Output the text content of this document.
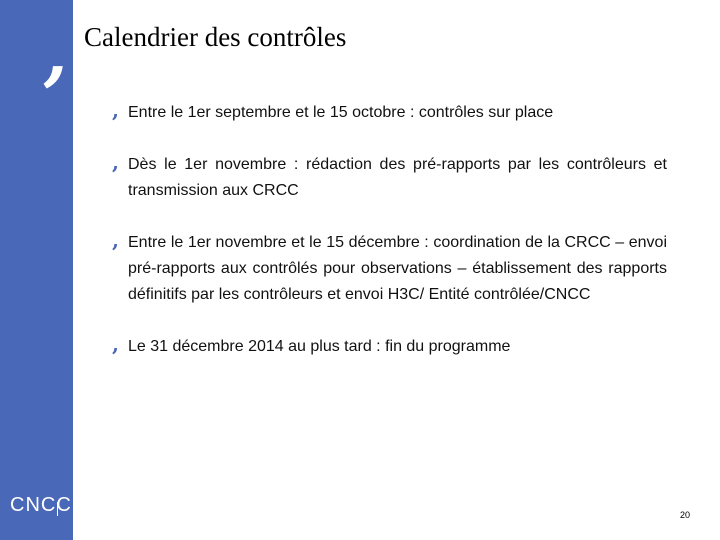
, Calendrier des contrôles
, Entre le 1er septembre et le 15 octobre : contrôles sur place
, Dès le 1er novembre : rédaction des pré-rapports par les contrôleurs et transmission aux CRCC
, Entre le 1er novembre et le 15 décembre : coordination de la CRCC – envoi pré-rapports aux contrôlés pour observations – établissement des rapports définitifs par les contrôleurs et envoi H3C/ Entité contrôlée/CNCC
, Le 31 décembre 2014 au plus tard : fin du programme
CNCC	20
